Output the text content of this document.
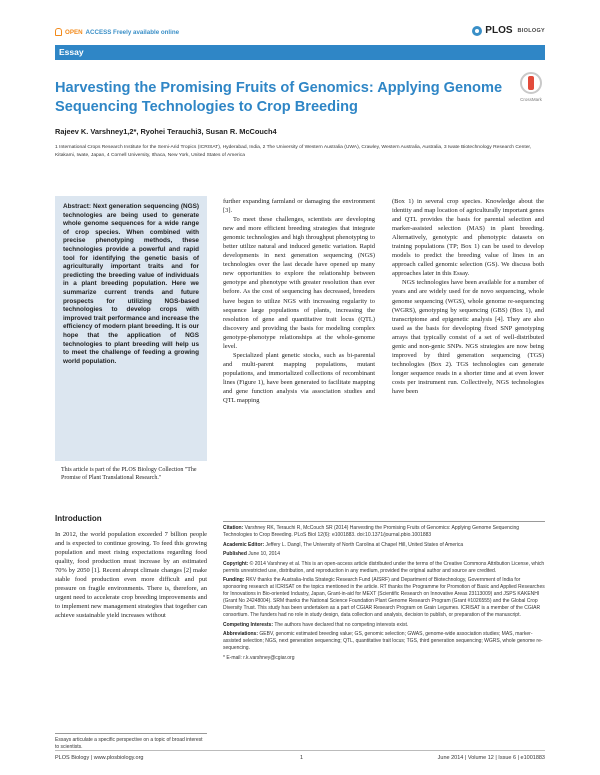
OPEN ACCESS Freely available online	PLOS BIOLOGY
Essay
Harvesting the Promising Fruits of Genomics: Applying Genome Sequencing Technologies to Crop Breeding	CrossMark
Rajeev K. Varshney1,2*, Ryohei Terauchi3, Susan R. McCouch4
1 International Crops Research Institute for the Semi-Arid Tropics (ICRISAT), Hyderabad, India, 2 The University of Western Australia (UWA), Crawley, Western Australia, Australia, 3 Iwate Biotechnology Research Center, Kitakami, Iwate, Japan, 4 Cornell University, Ithaca, New York, United States of America

Abstract: Next generation sequencing (NGS) technologies are being used to generate whole genome sequences for a wide range of crop species. When combined with precise phenotyping methods, these technologies provide a powerful and rapid tool for identifying the genetic basis of agriculturally important traits and for predicting the breeding value of individuals in a plant breeding population. Here we summarize current trends and future prospects for utilizing NGS-based technologies to develop crops with improved trait performance and increase the efficiency of modern plant breeding. It is our hope that the application of NGS technologies to plant breeding will help us to meet the challenge of feeding a growing world population.

This article is part of the PLOS Biology Collection "The Promise of Plant Translational Research."

Introduction

In 2012, the world population exceeded 7 billion people and is expected to continue growing. To feed this growing population and meet rising expectations regarding food quality, food production must increase by an estimated 70% by 2050 [1]. Recent abrupt climate changes [2] make stable food production even more difficult and put pressure on fragile environments. There is, therefore, an urgent need to accelerate crop breeding improvements and to implement new management strategies that together can achieve sustainable yield increases without

Essays articulate a specific perspective on a topic of broad interest to scientists.

further expanding farmland or damaging the environment [3].

To meet these challenges, scientists are developing new and more efficient breeding strategies that integrate genomic technologies and high throughput phenotyping to better utilize natural and induced genetic variation. Rapid developments in next generation sequencing (NGS) technologies over the last decade have opened up many new opportunities to explore the relationship between genotype and phenotype with greater resolution than ever before. As the cost of sequencing has decreased, breeders have begun to utilize NGS with increasing regularity to sequence large populations of plants, increasing the resolution of gene and quantitative trait locus (QTL) discovery and providing the basis for modeling complex genotype-phenotype relationships at the whole-genome level.

Specialized plant genetic stocks, such as bi-parental and multi-parent mapping populations, mutant populations, and immortalized collections of recombinant lines (Figure 1), have been generated to facilitate mapping and gene function analysis via association studies and QTL mapping

(Box 1) in several crop species. Knowledge about the identity and map location of agriculturally important genes and QTL provides the basis for parental selection and marker-assisted selection (MAS) in plant breeding. Alternatively, genotypic and phenotypic datasets on training populations (TP; Box 1) can be used to develop models to predict the breeding value of lines in an approach called genomic selection (GS). We discuss both approaches later in this Essay.

NGS technologies have been available for a number of years and are widely used for de novo sequencing, whole genome sequencing (WGS), whole genome re-sequencing (WGRS), genotyping by sequencing (GBS) (Box 1), and transcriptome and epigenetic analysis [4]. They are also used as the basis for developing fixed SNP genotyping arrays that typically consist of a set of well-distributed genic and non-genic SNPs. NGS strategies are now being improved by third generation sequencing (TGS) technologies (Box 2). TGS technologies can generate longer sequence reads in a shorter time and at even lower costs per instrument run. Collectively, NGS technologies have been

Citation: Varshney RK, Terauchi R, McCouch SR (2014) Harvesting the Promising Fruits of Genomics: Applying Genome Sequencing Technologies to Crop Breeding. PLoS Biol 12(6): e1001883. doi:10.1371/journal.pbio.1001883

Academic Editor: Jeffery L. Dangl, The University of North Carolina at Chapel Hill, United States of America

Published June 10, 2014

Copyright: © 2014 Varshney et al. This is an open-access article distributed under the terms of the Creative Commons Attribution License, which permits unrestricted use, distribution, and reproduction in any medium, provided the original author and source are credited.

Funding: RKV thanks the Australia-India Strategic Research Fund (AISRF) and Department of Biotechnology, Government of India for sponsoring research at ICRISAT on the topics mentioned in the article. RT thanks the Programme for Promotion of Basic and Applied Researches for Innovations in Bio-oriented Industry, Japan, Grant-in-aid for MEXT (Scientific Research on Innovative Areas 23113009) and JSPS KAKENHI (Grant No 24248004). SRM thanks the National Science Foundation Plant Genome Research Program (Grant #1026555) and the Global Crop Diversity Trust. This study has been undertaken as a part of CGIAR Research Program on Grain Legumes. ICRISAT is a member of the CGIAR consortium. The funders had no role in study design, data collection and analysis, decision to publish, or preparation of the manuscript.

Competing Interests: The authors have declared that no competing interests exist.

Abbreviations: GEBV, genomic estimated breeding value; GS, genomic selection; GWAS, genome-wide association studies; MAS, marker-assisted selection; NGS, next generation sequencing; QTL, quantitative trait locus; TGS, third generation sequencing; WGRS, whole genome re-sequencing.

* E-mail: r.k.varshney@cgiar.org

PLOS Biology | www.plosbiology.org	1	June 2014 | Volume 12 | Issue 6 | e1001883
